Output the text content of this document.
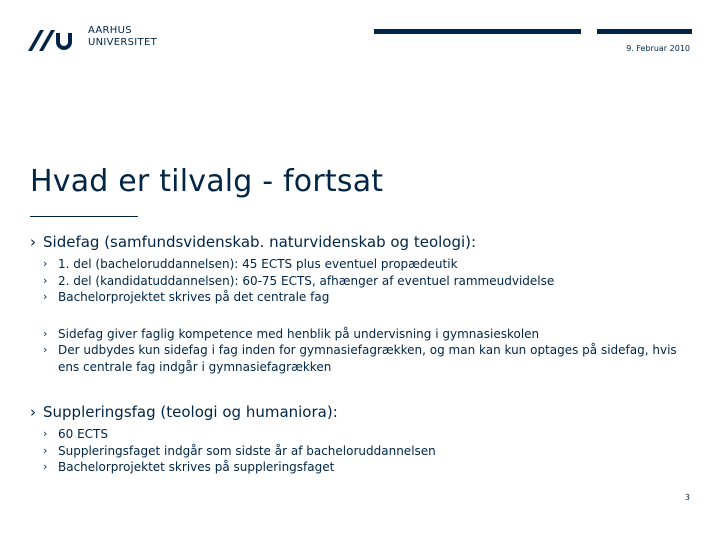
AARHUS
UNIVERSITET
9. Februar 2010
Hvad er tilvalg - fortsat
› Sidefag (samfundsvidenskab. naturvidenskab og teologi):
› 1. del (bacheloruddannelsen): 45 ECTS plus eventuel propædeutik
› 2. del (kandidatuddannelsen): 60-75 ECTS, afhænger af eventuel rammeudvidelse
› Bachelorprojektet skrives på det centrale fag
› Sidefag giver faglig kompetence med henblik på undervisning i gymnasieskolen
› Der udbydes kun sidefag i fag inden for gymnasiefagrækken, og man kan kun optages på sidefag, hvis ens centrale fag indgår i gymnasiefagrækken
› Suppleringsfag (teologi og humaniora):
› 60 ECTS
› Suppleringsfaget indgår som sidste år af bacheloruddannelsen
› Bachelorprojektet skrives på suppleringsfaget
3
